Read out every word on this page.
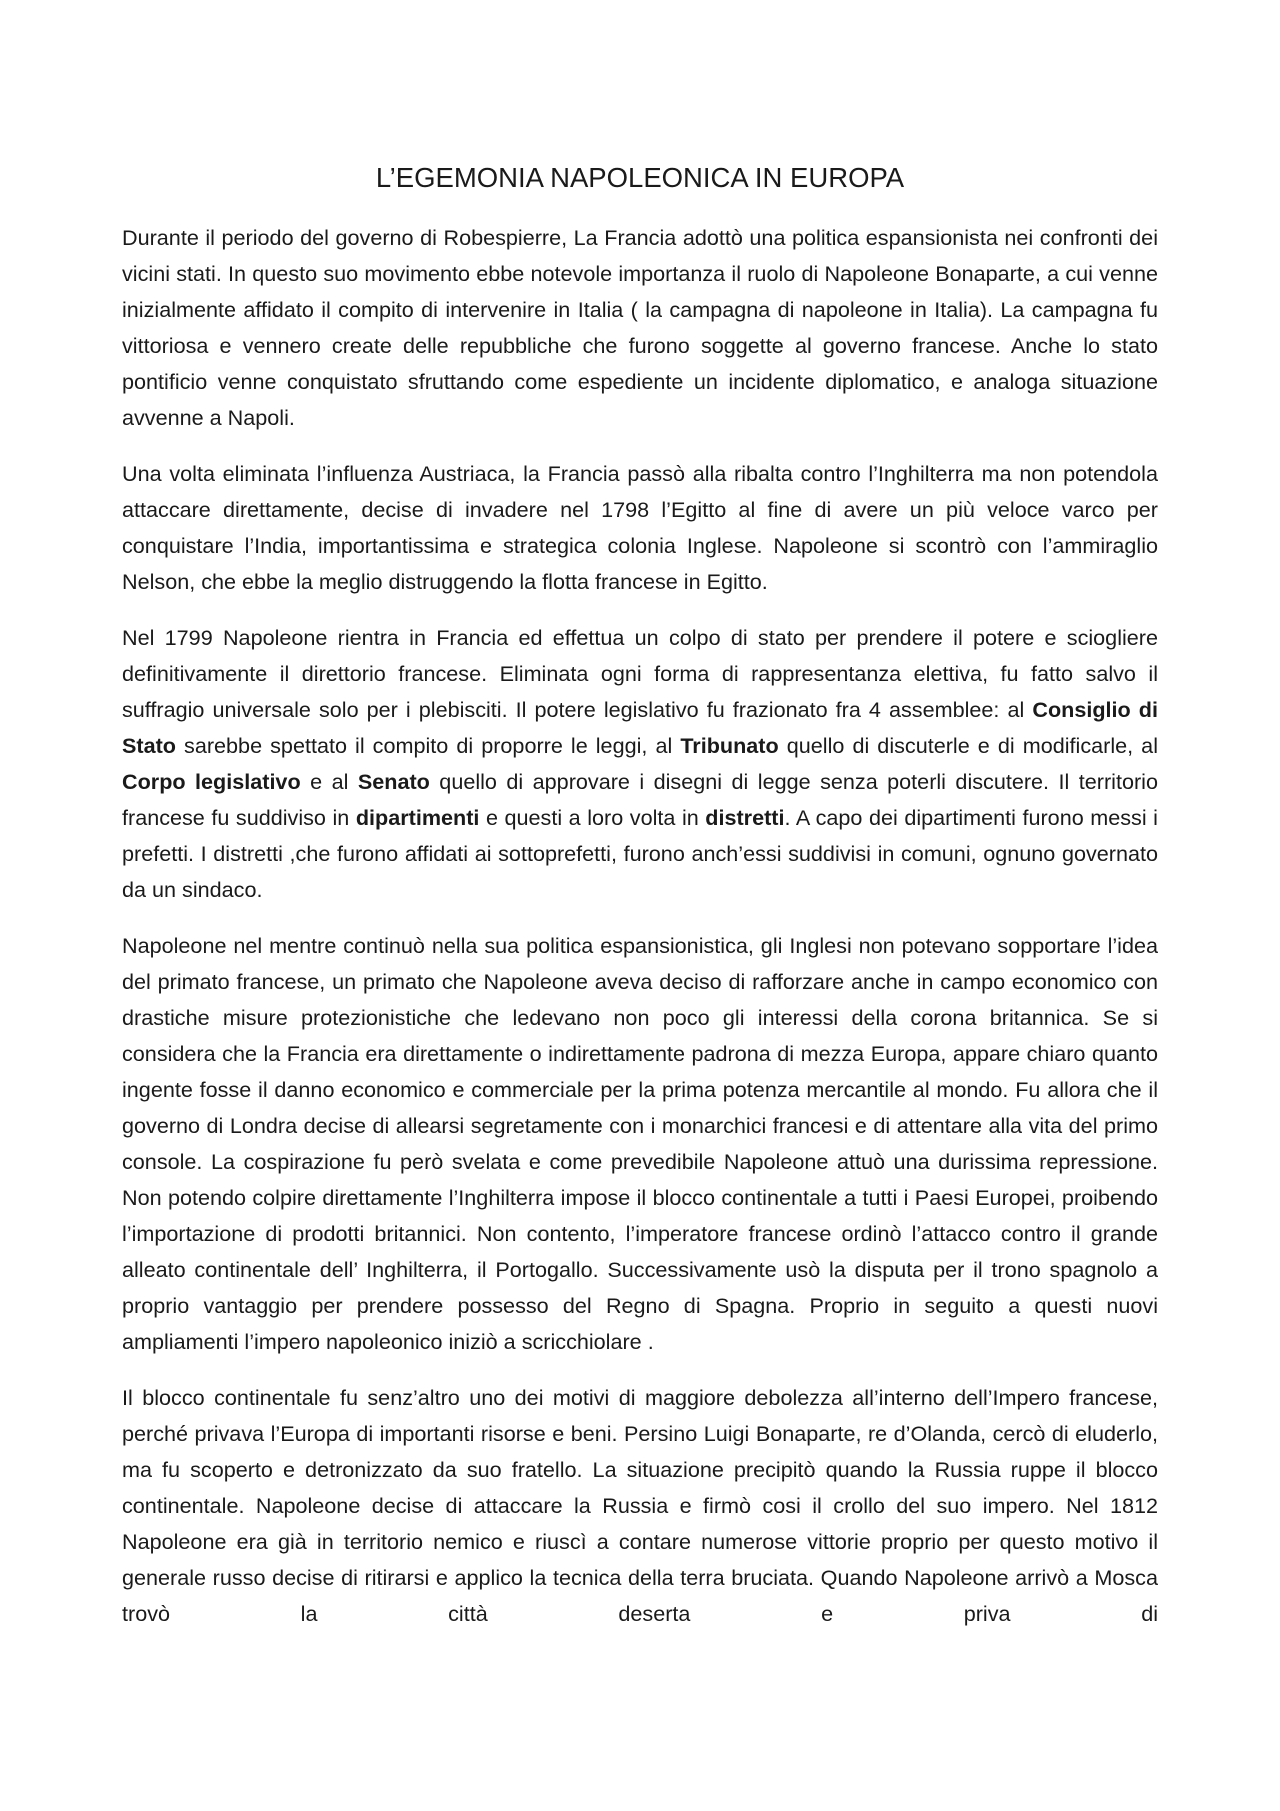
L’EGEMONIA NAPOLEONICA IN EUROPA

Durante il periodo del governo di Robespierre, La Francia adottò una politica espansionista nei confronti dei vicini stati. In questo suo movimento ebbe notevole importanza il ruolo di Napoleone Bonaparte, a cui venne inizialmente affidato il compito di intervenire in Italia ( la campagna di napoleone in Italia). La campagna fu vittoriosa e vennero create delle repubbliche che furono soggette al governo francese. Anche lo stato pontificio venne conquistato sfruttando come espediente un incidente diplomatico, e analoga situazione avvenne a Napoli.

Una volta eliminata l’influenza Austriaca, la Francia passò alla ribalta contro l’Inghilterra ma non potendola attaccare direttamente, decise di invadere nel 1798 l’Egitto al fine di avere un più veloce varco per conquistare l’India, importantissima e strategica colonia Inglese. Napoleone si scontrò con l’ammiraglio Nelson, che ebbe la meglio distruggendo la flotta francese in Egitto.

Nel 1799 Napoleone rientra in Francia ed effettua un colpo di stato per prendere il potere e sciogliere definitivamente il direttorio francese. Eliminata ogni forma di rappresentanza elettiva, fu fatto salvo il suffragio universale solo per i plebisciti. Il potere legislativo fu frazionato fra 4 assemblee: al Consiglio di Stato sarebbe spettato il compito di proporre le leggi, al Tribunato quello di discuterle e di modificarle, al Corpo legislativo e al Senato quello di approvare i disegni di legge senza poterli discutere. Il territorio francese fu suddiviso in dipartimenti e questi a loro volta in distretti. A capo dei dipartimenti furono messi i prefetti. I distretti ,che furono affidati ai sottoprefetti, furono anch’essi suddivisi in comuni, ognuno governato da un sindaco.

Napoleone nel mentre continuò nella sua politica espansionistica, gli Inglesi non potevano sopportare l’idea del primato francese, un primato che Napoleone aveva deciso di rafforzare anche in campo economico con drastiche misure protezionistiche che ledevano non poco gli interessi della corona britannica. Se si considera che la Francia era direttamente o indirettamente padrona di mezza Europa, appare chiaro quanto ingente fosse il danno economico e commerciale per la prima potenza mercantile al mondo. Fu allora che il governo di Londra decise di allearsi segretamente con i monarchici francesi e di attentare alla vita del primo console. La cospirazione fu però svelata e come prevedibile Napoleone attuò una durissima repressione. Non potendo colpire direttamente l’Inghilterra impose il blocco continentale a tutti i Paesi Europei, proibendo l’importazione di prodotti britannici. Non contento, l’imperatore francese ordinò l’attacco contro il grande alleato continentale dell’ Inghilterra, il Portogallo. Successivamente usò la disputa per il trono spagnolo a proprio vantaggio per prendere possesso del Regno di Spagna. Proprio in seguito a questi nuovi ampliamenti l’impero napoleonico iniziò a scricchiolare .

Il blocco continentale fu senz’altro uno dei motivi di maggiore debolezza all’interno dell’Impero francese, perché privava l’Europa di importanti risorse e beni. Persino Luigi Bonaparte, re d’Olanda, cercò di eluderlo, ma fu scoperto e detronizzato da suo fratello. La situazione precipitò quando la Russia ruppe il blocco continentale. Napoleone decise di attaccare la Russia e firmò cosi il crollo del suo impero. Nel 1812 Napoleone era già in territorio nemico e riuscì a contare numerose vittorie proprio per questo motivo il generale russo decise di ritirarsi e applico la tecnica della terra bruciata. Quando Napoleone arrivò a Mosca trovò la città deserta e priva di
